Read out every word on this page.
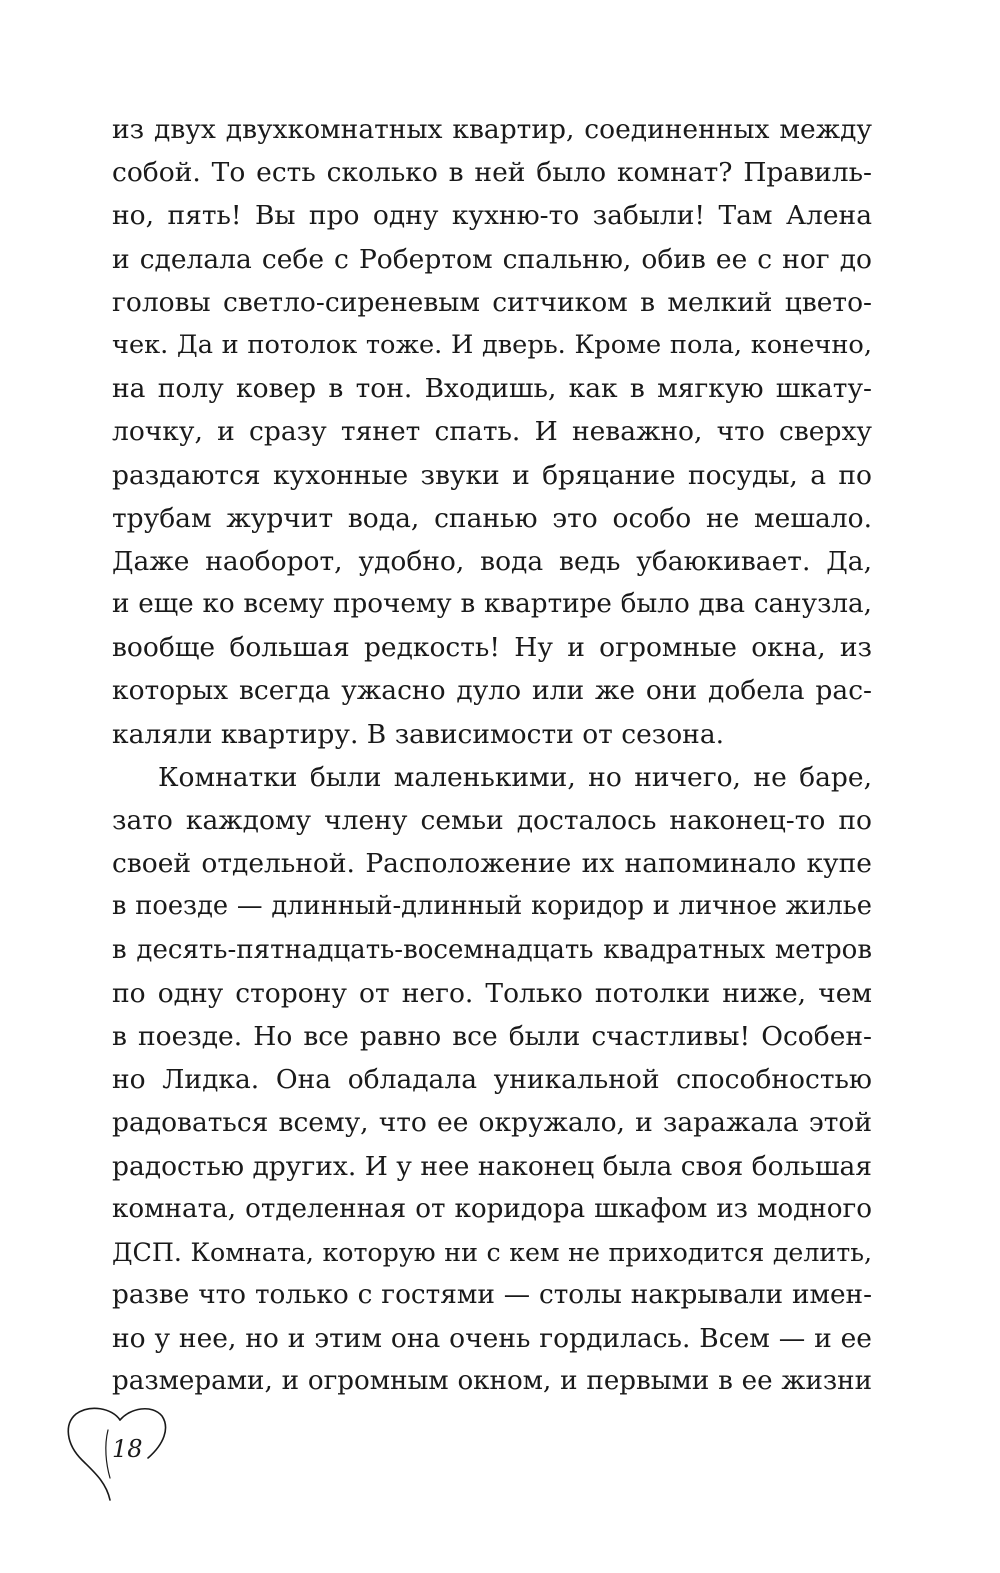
из двух двухкомнатных квартир, соединенных между
собой. То есть сколько в ней было комнат? Правиль-
но, пять! Вы про одну кухню-то забыли! Там Алена
и сделала себе с Робертом спальню, обив ее с ног до
головы светло-сиреневым ситчиком в мелкий цвето-
чек. Да и потолок тоже. И дверь. Кроме пола, конечно,
на полу ковер в тон. Входишь, как в мягкую шкату-
лочку, и сразу тянет спать. И неважно, что сверху
раздаются кухонные звуки и бряцание посуды, а по
трубам журчит вода, спанью это особо не мешало.
Даже наоборот, удобно, вода ведь убаюкивает. Да,
и еще ко всему прочему в квартире было два санузла,
вообще большая редкость! Ну и огромные окна, из
которых всегда ужасно дуло или же они добела рас-
каляли квартиру. В зависимости от сезона.
Комнатки были маленькими, но ничего, не баре,
зато каждому члену семьи досталось наконец-то по
своей отдельной. Расположение их напоминало купе
в поезде — длинный-длинный коридор и личное жилье
в десять-пятнадцать-восемнадцать квадратных метров
по одну сторону от него. Только потолки ниже, чем
в поезде. Но все равно все были счастливы! Особен-
но Лидка. Она обладала уникальной способностью
радоваться всему, что ее окружало, и заражала этой
радостью других. И у нее наконец была своя большая
комната, отделенная от коридора шкафом из модного
ДСП. Комната, которую ни с кем не приходится делить,
разве что только с гостями — столы накрывали имен-
но у нее, но и этим она очень гордилась. Всем — и ее
размерами, и огромным окном, и первыми в ее жизни
18
